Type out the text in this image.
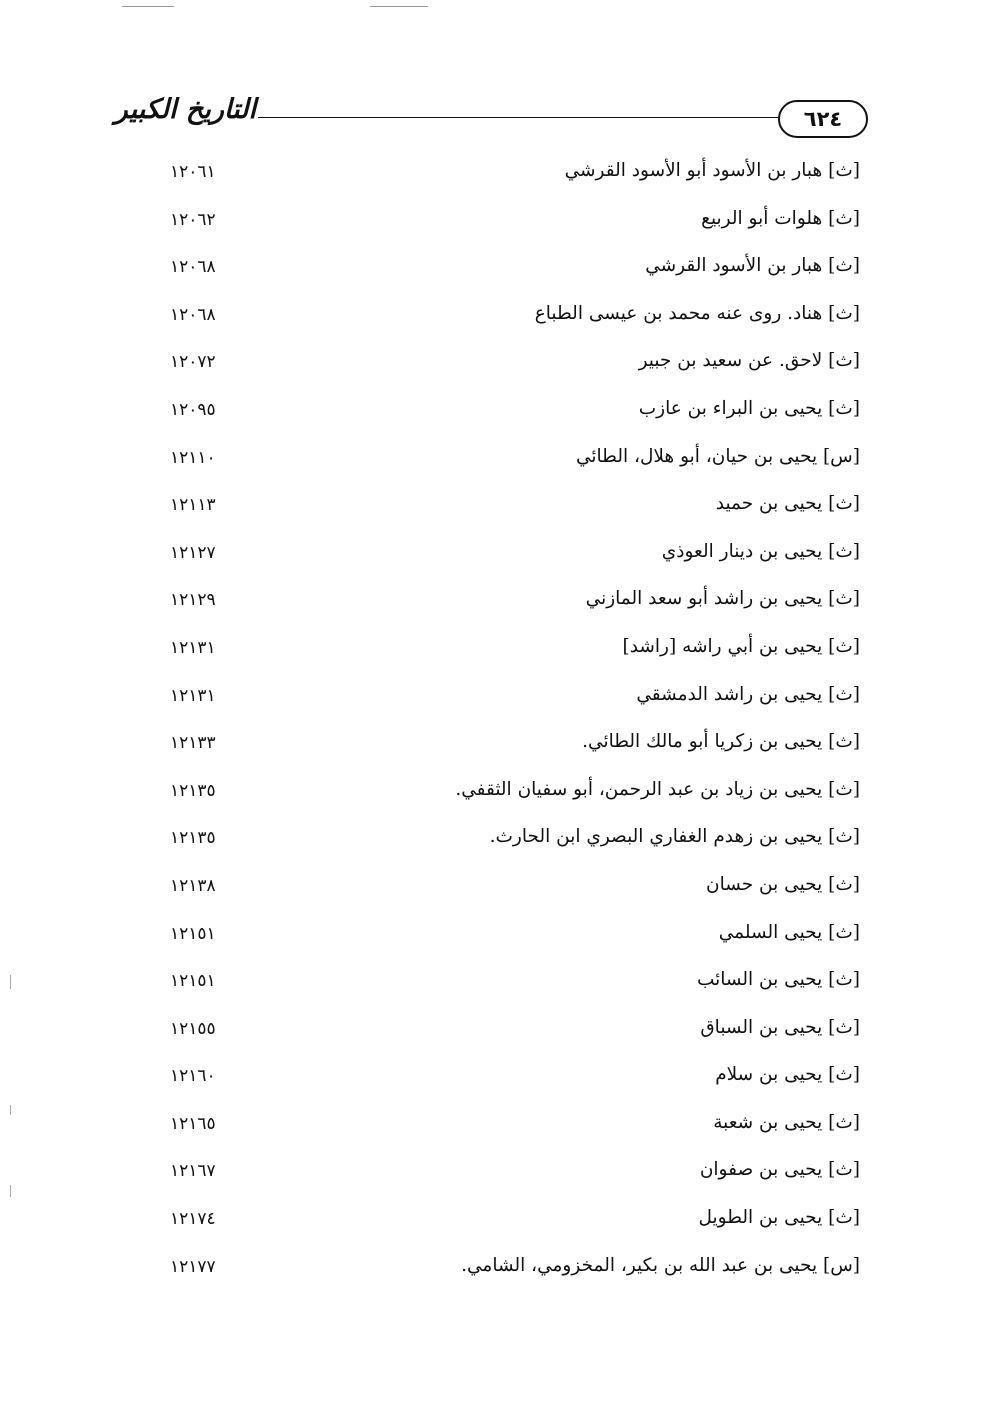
٦٢٤
التاريخ الكبير
[ث] هبار بن الأسود أبو الأسود القرشي
١٢٠٦١
[ث] هلوات أبو الربيع
١٢٠٦٢
[ث] هبار بن الأسود القرشي
١٢٠٦٨
[ث] هناد. روى عنه محمد بن عيسى الطباع
١٢٠٦٨
[ث] لاحق. عن سعيد بن جبير
١٢٠٧٢
[ث] يحيى بن البراء بن عازب
١٢٠٩٥
[س] يحيى بن حيان، أبو هلال، الطائي
١٢١١٠
[ث] يحيى بن حميد
١٢١١٣
[ث] يحيى بن دينار العوذي
١٢١٢٧
[ث] يحيى بن راشد أبو سعد المازني
١٢١٢٩
[ث] يحيى بن أبي راشه [راشد]
١٢١٣١
[ث] يحيى بن راشد الدمشقي
١٢١٣١
[ث] يحيى بن زكريا أبو مالك الطائي.
١٢١٣٣
[ث] يحيى بن زياد بن عبد الرحمن، أبو سفيان الثقفي.
١٢١٣٥
[ث] يحيى بن زهدم الغفاري البصري ابن الحارث.
١٢١٣٥
[ث] يحيى بن حسان
١٢١٣٨
[ث] يحيى السلمي
١٢١٥١
[ث] يحيى بن السائب
١٢١٥١
[ث] يحيى بن السباق
١٢١٥٥
[ث] يحيى بن سلام
١٢١٦٠
[ث] يحيى بن شعبة
١٢١٦٥
[ث] يحيى بن صفوان
١٢١٦٧
[ث] يحيى بن الطويل
١٢١٧٤
[س] يحيى بن عبد الله بن بكير، المخزومي، الشامي.
١٢١٧٧
